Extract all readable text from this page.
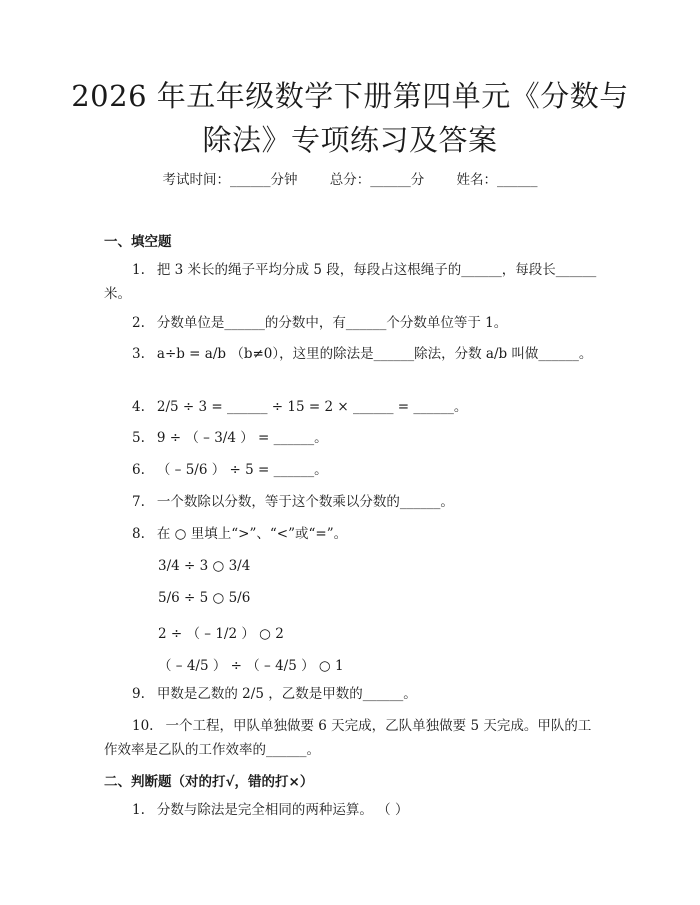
2026 年五年级数学下册第四单元《分数与除法》专项练习及答案
考试时间：______分钟 总分：______分 姓名：______
一、填空题
1. 把 3 米长的绳子平均分成 5 段，每段占这根绳子的______，每段长______米。
2. 分数单位是______的分数中，有______个分数单位等于 1。
3. a÷b = a/b （b≠0），这里的除法是______除法，分数 a/b 叫做______。
4. 2/5 ÷ 3 = ______ ÷ 15 = 2 × ______ = ______。
5. 9 ÷ （ – 3/4 ） = ______。
6. （ – 5/6 ） ÷ 5 = ______。
7. 一个数除以分数，等于这个数乘以分数的______。
8. 在 ○ 里填上“>”、“<”或“=”。
3/4 ÷ 3 ○ 3/4
5/6 ÷ 5 ○ 5/6
2 ÷ （ – 1/2 ） ○ 2
（ – 4/5 ） ÷ （ – 4/5 ） ○ 1
9. 甲数是乙数的 2/5 ，乙数是甲数的______。
10. 一个工程，甲队单独做要 6 天完成，乙队单独做要 5 天完成。甲队的工作效率是乙队的工作效率的______。
二、判断题（对的打√，错的打×）
1. 分数与除法是完全相同的两种运算。 （ ）
